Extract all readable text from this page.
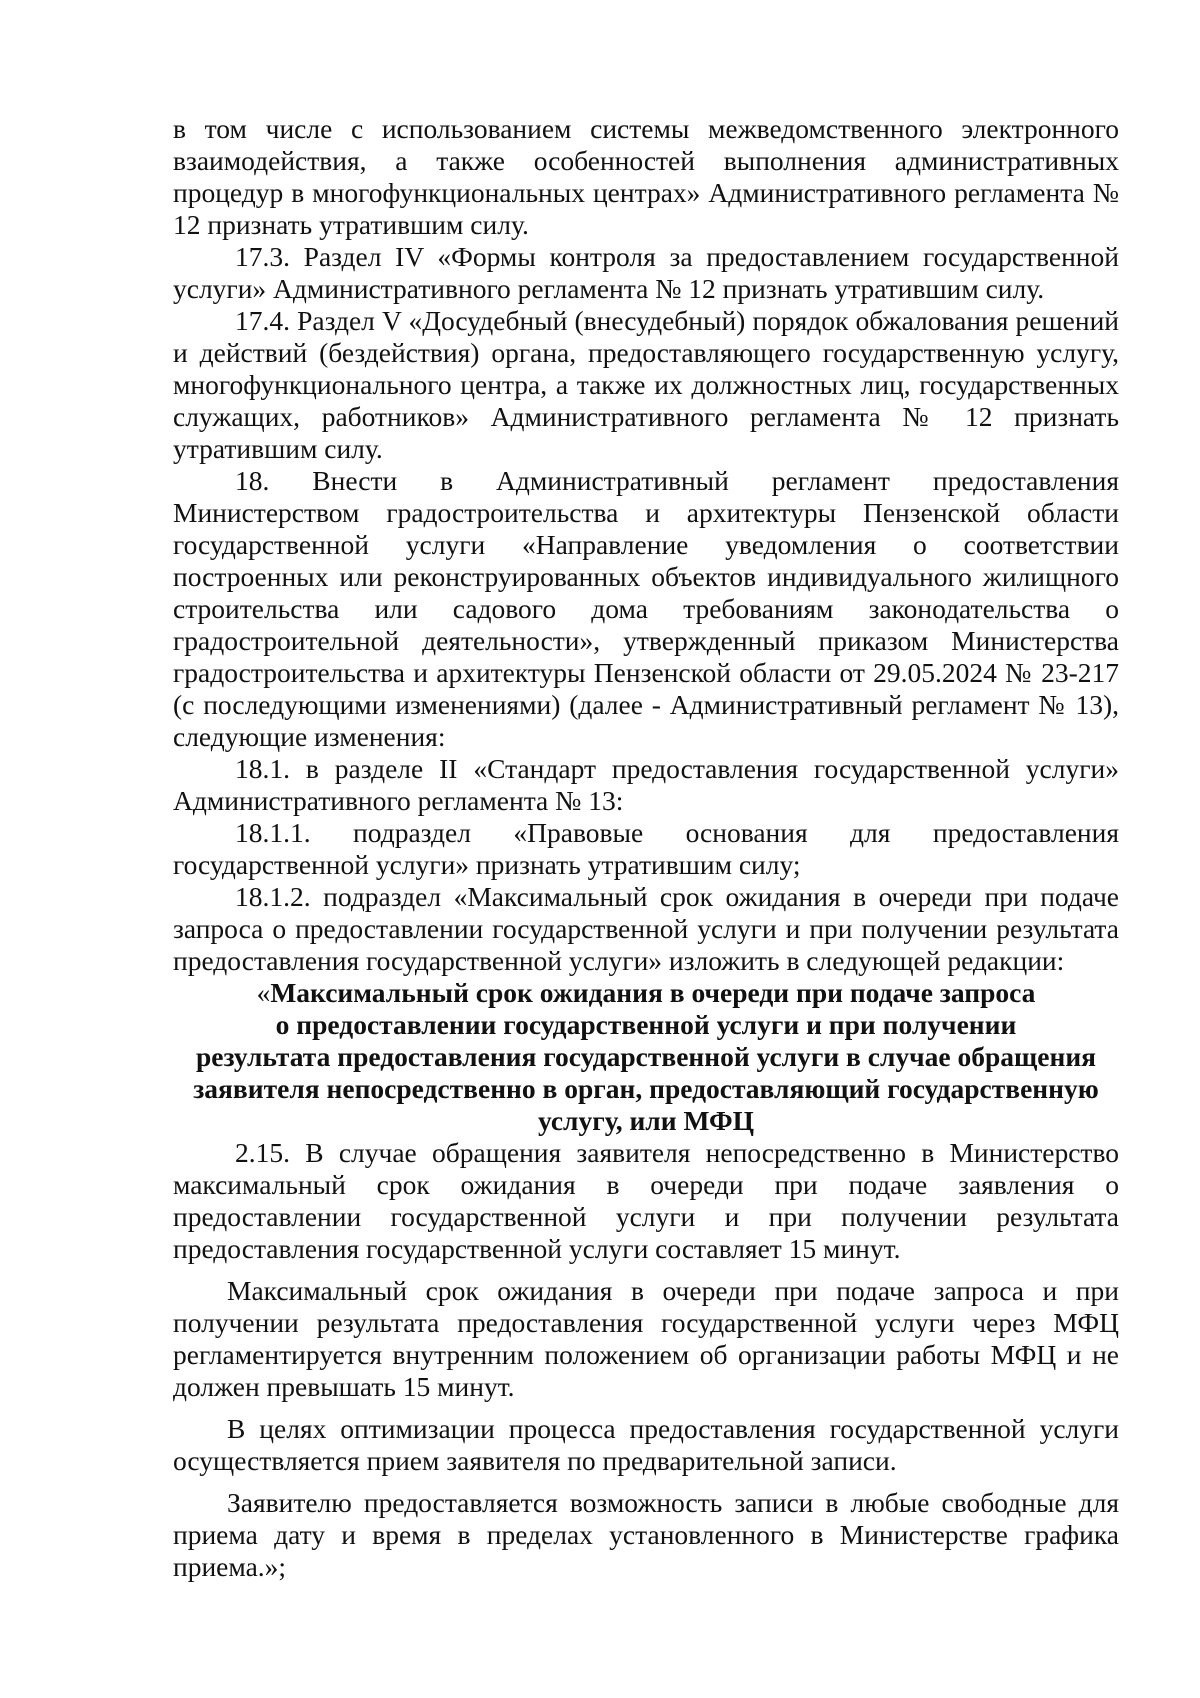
в том числе с использованием системы межведомственного электронного взаимодействия, а также особенностей выполнения административных процедур в многофункциональных центрах» Административного регламента № 12 признать утратившим силу.

17.3. Раздел IV «Формы контроля за предоставлением государственной услуги» Административного регламента № 12 признать утратившим силу.

17.4. Раздел V «Досудебный (внесудебный) порядок обжалования решений и действий (бездействия) органа, предоставляющего государственную услугу, многофункционального центра, а также их должностных лиц, государственных служащих, работников» Административного регламента № 12 признать утратившим силу.

18. Внести в Административный регламент предоставления Министерством градостроительства и архитектуры Пензенской области государственной услуги «Направление уведомления о соответствии построенных или реконструированных объектов индивидуального жилищного строительства или садового дома требованиям законодательства о градостроительной деятельности», утвержденный приказом Министерства градостроительства и архитектуры Пензенской области от 29.05.2024 № 23-217 (с последующими изменениями) (далее - Административный регламент № 13), следующие изменения:

18.1. в разделе II «Стандарт предоставления государственной услуги» Административного регламента № 13:

18.1.1. подраздел «Правовые основания для предоставления государственной услуги» признать утратившим силу;

18.1.2. подраздел «Максимальный срок ожидания в очереди при подаче запроса о предоставлении государственной услуги и при получении результата предоставления государственной услуги» изложить в следующей редакции:

«Максимальный срок ожидания в очереди при подаче запроса
о предоставлении государственной услуги и при получении
результата предоставления государственной услуги в случае обращения
заявителя непосредственно в орган, предоставляющий государственную
услугу, или МФЦ

2.15. В случае обращения заявителя непосредственно в Министерство максимальный срок ожидания в очереди при подаче заявления о предоставлении государственной услуги и при получении результата предоставления государственной услуги составляет 15 минут.

Максимальный срок ожидания в очереди при подаче запроса и при получении результата предоставления государственной услуги через МФЦ регламентируется внутренним положением об организации работы МФЦ и не должен превышать 15 минут.

В целях оптимизации процесса предоставления государственной услуги осуществляется прием заявителя по предварительной записи.

Заявителю предоставляется возможность записи в любые свободные для приема дату и время в пределах установленного в Министерстве графика приема.»;
